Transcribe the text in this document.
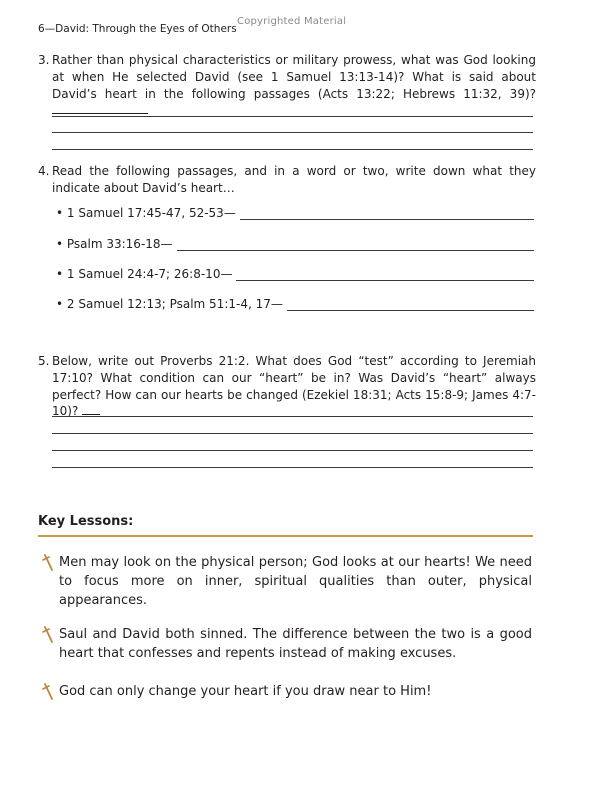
6—David: Through the Eyes of Others
Copyrighted Material
3. Rather than physical characteristics or military prowess, what was God looking at when He selected David (see 1 Samuel 13:13-14)? What is said about David’s heart in the following passages (Acts 13:22; Hebrews 11:32, 39)?
4. Read the following passages, and in a word or two, write down what they indicate about David’s heart…
• 1 Samuel 17:45-47, 52-53—
• Psalm 33:16-18—
• 1 Samuel 24:4-7; 26:8-10—
• 2 Samuel 12:13; Psalm 51:1-4, 17—
5. Below, write out Proverbs 21:2. What does God “test” according to Jeremiah 17:10? What condition can our “heart” be in? Was David’s “heart” always perfect? How can our hearts be changed (Ezekiel 18:31; Acts 15:8-9; James 4:7-10)?
Key Lessons:
Men may look on the physical person; God looks at our hearts! We need to focus more on inner, spiritual qualities than outer, physical appearances.
Saul and David both sinned. The difference between the two is a good heart that confesses and repents instead of making excuses.
God can only change your heart if you draw near to Him!
